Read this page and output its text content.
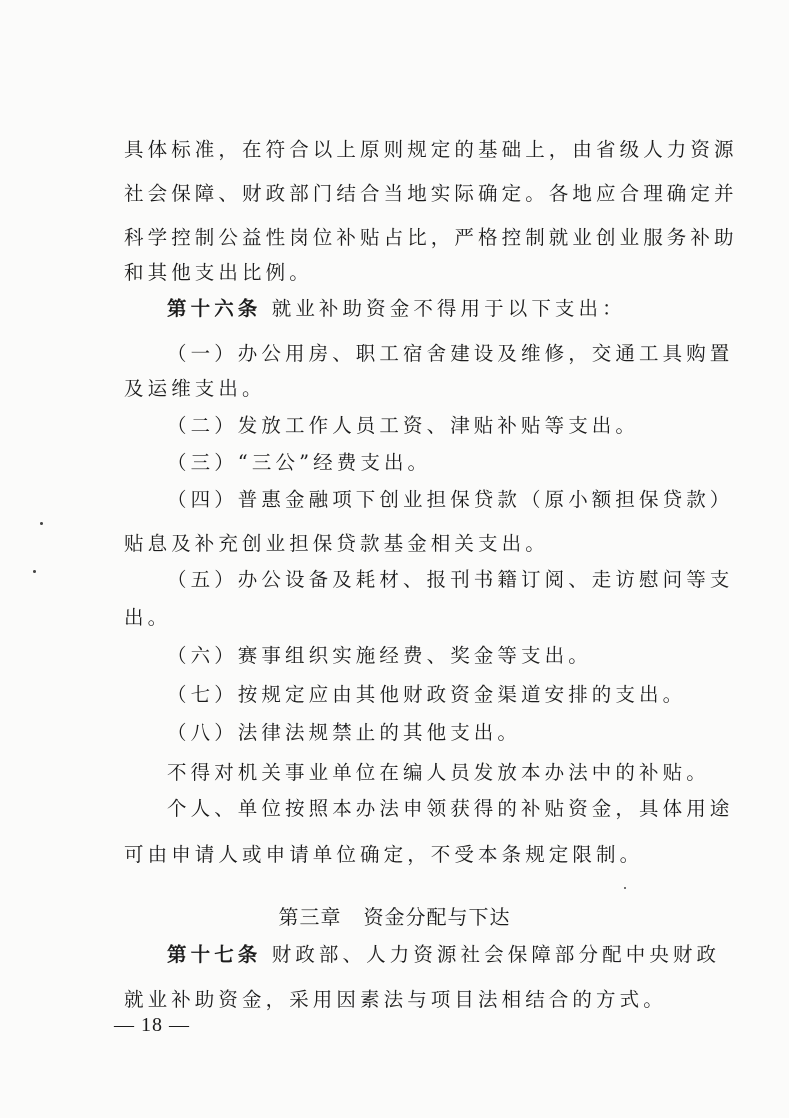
具体标准，在符合以上原则规定的基础上，由省级人力资源
社会保障、财政部门结合当地实际确定。各地应合理确定并
科学控制公益性岗位补贴占比，严格控制就业创业服务补助
和其他支出比例。
第十六条 就业补助资金不得用于以下支出：
（一）办公用房、职工宿舍建设及维修，交通工具购置
及运维支出。
（二）发放工作人员工资、津贴补贴等支出。
（三）“三公”经费支出。
（四）普惠金融项下创业担保贷款（原小额担保贷款）
贴息及补充创业担保贷款基金相关支出。
（五）办公设备及耗材、报刊书籍订阅、走访慰问等支
出。
（六）赛事组织实施经费、奖金等支出。
（七）按规定应由其他财政资金渠道安排的支出。
（八）法律法规禁止的其他支出。
不得对机关事业单位在编人员发放本办法中的补贴。
个人、单位按照本办法申领获得的补贴资金，具体用途
可由申请人或申请单位确定，不受本条规定限制。
第三章   资金分配与下达
第十七条 财政部、人力资源社会保障部分配中央财政
就业补助资金，采用因素法与项目法相结合的方式。
— 18 —
